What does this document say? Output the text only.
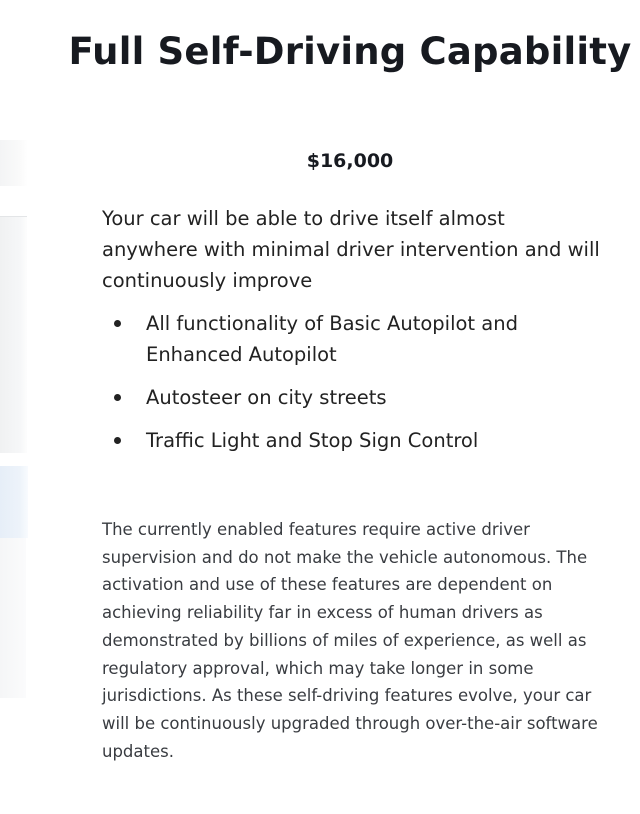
Full Self-Driving Capability
$16,000

Your car will be able to drive itself almost anywhere with minimal driver intervention and will continuously improve

All functionality of Basic Autopilot and Enhanced Autopilot
Autosteer on city streets
Traffic Light and Stop Sign Control

The currently enabled features require active driver supervision and do not make the vehicle autonomous. The activation and use of these features are dependent on achieving reliability far in excess of human drivers as demonstrated by billions of miles of experience, as well as regulatory approval, which may take longer in some jurisdictions. As these self-driving features evolve, your car will be continuously upgraded through over-the-air software updates.
